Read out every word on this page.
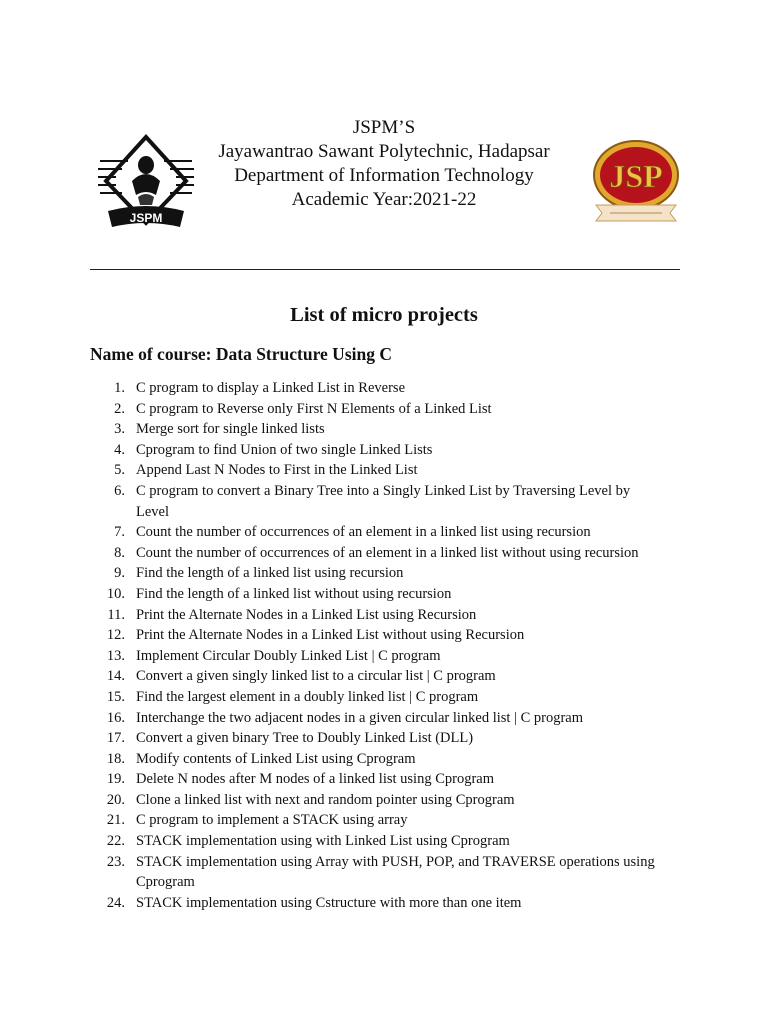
JSPM
JSPM’S
Jayawantrao Sawant Polytechnic, Hadapsar
Department of Information Technology
Academic Year:2021-22
JSP
List of micro projects
Name of course: Data Structure Using C
1. C program to display a Linked List in Reverse
2. C program to Reverse only First N Elements of a Linked List
3. Merge sort for single linked lists
4. Cprogram to find Union of two single Linked Lists
5. Append Last N Nodes to First in the Linked List
6. C program to convert a Binary Tree into a Singly Linked List by Traversing Level by Level
7. Count the number of occurrences of an element in a linked list using recursion
8. Count the number of occurrences of an element in a linked list without using recursion
9. Find the length of a linked list using recursion
10. Find the length of a linked list without using recursion
11. Print the Alternate Nodes in a Linked List using Recursion
12. Print the Alternate Nodes in a Linked List without using Recursion
13. Implement Circular Doubly Linked List | C program
14. Convert a given singly linked list to a circular list | C program
15. Find the largest element in a doubly linked list | C program
16. Interchange the two adjacent nodes in a given circular linked list | C program
17. Convert a given binary Tree to Doubly Linked List (DLL)
18. Modify contents of Linked List using Cprogram
19. Delete N nodes after M nodes of a linked list using Cprogram
20. Clone a linked list with next and random pointer using Cprogram
21. C program to implement a STACK using array
22. STACK implementation using with Linked List using Cprogram
23. STACK implementation using Array with PUSH, POP, and TRAVERSE operations using Cprogram
24. STACK implementation using Cstructure with more than one item
